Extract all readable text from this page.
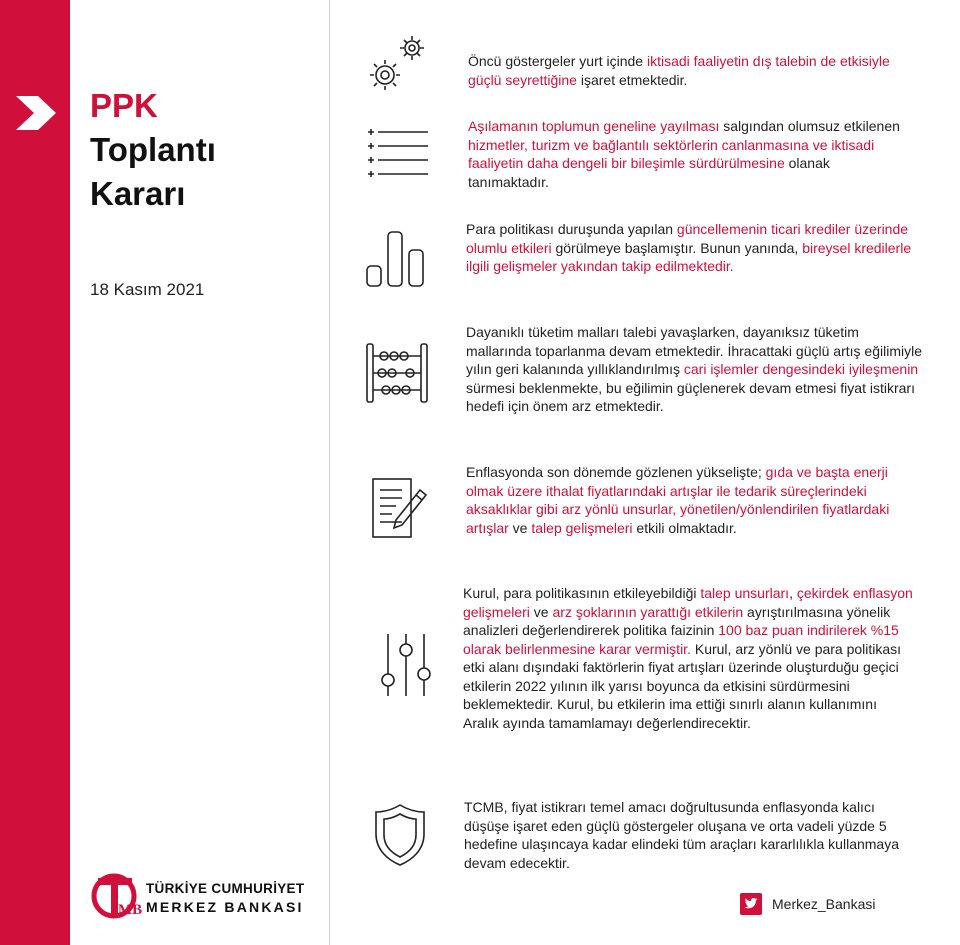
PPK
Toplantı
Kararı
18 Kasım 2021
MB
TÜRKİYE CUMHURİYET
MERKEZ BANKASI
Öncü göstergeler yurt içinde iktisadi faaliyetin dış talebin de etkisiyle güçlü seyrettiğine işaret etmektedir.
Aşılamanın toplumun geneline yayılması salgından olumsuz etkilenen hizmetler, turizm ve bağlantılı sektörlerin canlanmasına ve iktisadi faaliyetin daha dengeli bir bileşimle sürdürülmesine olanak tanımaktadır.
Para politikası duruşunda yapılan güncellemenin ticari krediler üzerinde olumlu etkileri görülmeye başlamıştır. Bunun yanında, bireysel kredilerle ilgili gelişmeler yakından takip edilmektedir.
Dayanıklı tüketim malları talebi yavaşlarken, dayanıksız tüketim mallarında toparlanma devam etmektedir. İhracattaki güçlü artış eğilimiyle yılın geri kalanında yıllıklandırılmış cari işlemler dengesindeki iyileşmenin sürmesi beklenmekte, bu eğilimin güçlenerek devam etmesi fiyat istikrarı hedefi için önem arz etmektedir.
Enflasyonda son dönemde gözlenen yükselişte; gıda ve başta enerji olmak üzere ithalat fiyatlarındaki artışlar ile tedarik süreçlerindeki aksaklıklar gibi arz yönlü unsurlar, yönetilen/yönlendirilen fiyatlardaki artışlar ve talep gelişmeleri etkili olmaktadır.
Kurul, para politikasının etkileyebildiği talep unsurları, çekirdek enflasyon gelişmeleri ve arz şoklarının yarattığı etkilerin ayrıştırılmasına yönelik analizleri değerlendirerek politika faizinin 100 baz puan indirilerek %15 olarak belirlenmesine karar vermiştir. Kurul, arz yönlü ve para politikası etki alanı dışındaki faktörlerin fiyat artışları üzerinde oluşturduğu geçici etkilerin 2022 yılının ilk yarısı boyunca da etkisini sürdürmesini beklemektedir. Kurul, bu etkilerin ima ettiği sınırlı alanın kullanımını Aralık ayında tamamlamayı değerlendirecektir.
TCMB, fiyat istikrarı temel amacı doğrultusunda enflasyonda kalıcı düşüşe işaret eden güçlü göstergeler oluşana ve orta vadeli yüzde 5 hedefine ulaşıncaya kadar elindeki tüm araçları kararlılıkla kullanmaya devam edecektir.
Merkez_Bankasi
